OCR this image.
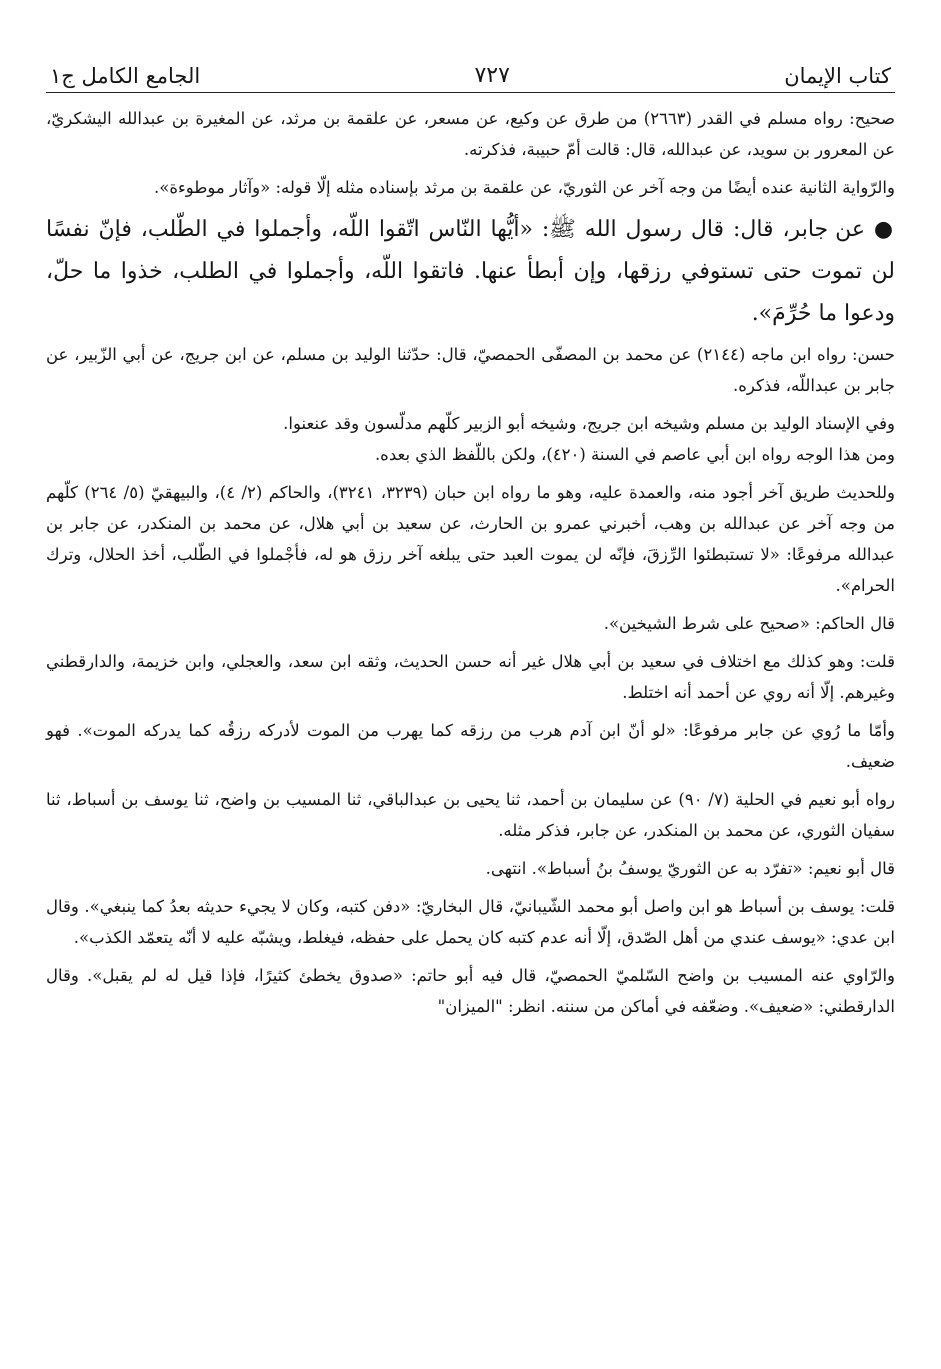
كتاب الإيمان
٧٢٧
الجامع الكامل ج١

صحيح: رواه مسلم في القدر (٢٦٦٣) من طرق عن وكيع، عن مسعر، عن علقمة بن مرثد، عن المغيرة بن عبدالله اليشكريّ، عن المعرور بن سويد، عن عبدالله، قال: قالت أمّ حبيبة، فذكرته.

والرّواية الثانية عنده أيضًا من وجه آخر عن الثوريّ، عن علقمة بن مرثد بإسناده مثله إلّا قوله: «وآثار موطوءة».

● عن جابر، قال: قال رسول الله ﷺ: «أيُّها النّاس اتّقوا اللّه، وأجملوا في الطّلب، فإنّ نفسًا لن تموت حتى تستوفي رزقها، وإن أبطأ عنها. فاتقوا اللّه، وأجملوا في الطلب، خذوا ما حلّ، ودعوا ما حُرِّمَ».

حسن: رواه ابن ماجه (٢١٤٤) عن محمد بن المصفّى الحمصيّ، قال: حدّثنا الوليد بن مسلم، عن ابن جريج، عن أبي الزّبير، عن جابر بن عبداللّه، فذكره.

وفي الإسناد الوليد بن مسلم وشيخه ابن جريج، وشيخه أبو الزبير كلّهم مدلّسون وقد عنعنوا.

ومن هذا الوجه رواه ابن أبي عاصم في السنة (٤٢٠)، ولكن باللّفظ الذي بعده.

وللحديث طريق آخر أجود منه، والعمدة عليه، وهو ما رواه ابن حبان (٣٢٣٩، ٣٢٤١)، والحاكم (٢/ ٤)، والبيهقيّ (٥/ ٢٦٤) كلّهم من وجه آخر عن عبدالله بن وهب، أخبرني عمرو بن الحارث، عن سعيد بن أبي هلال، عن محمد بن المنكدر، عن جابر بن عبدالله مرفوعًا: «لا تستبطئوا الرِّزقَ، فإنّه لن يموت العبد حتى يبلغه آخر رزق هو له، فأجْملوا في الطّلب، أخذ الحلال، وترك الحرام».

قال الحاكم: «صحيح على شرط الشيخين».

قلت: وهو كذلك مع اختلاف في سعيد بن أبي هلال غير أنه حسن الحديث، وثقه ابن سعد، والعجلي، وابن خزيمة، والدارقطني وغيرهم. إلّا أنه روي عن أحمد أنه اختلط.

وأمّا ما رُوي عن جابر مرفوعًا: «لو أنّ ابن آدم هرب من رزقه كما يهرب من الموت لأدركه رزقُه كما يدركه الموت». فهو ضعيف.

رواه أبو نعيم في الحلية (٧/ ٩٠) عن سليمان بن أحمد، ثنا يحيى بن عبدالباقي، ثنا المسيب بن واضح، ثنا يوسف بن أسباط، ثنا سفيان الثوري، عن محمد بن المنكدر، عن جابر، فذكر مثله.

قال أبو نعيم: «تفرّد به عن الثوريّ يوسفُ بنُ أسباط». انتهى.

قلت: يوسف بن أسباط هو ابن واصل أبو محمد الشّيبانيّ، قال البخاريّ: «دفن كتبه، وكان لا يجيء حديثه بعدُ كما ينبغي». وقال ابن عدي: «يوسف عندي من أهل الصّدق، إلّا أنه عدم كتبه كان يحمل على حفظه، فيغلط، ويشبّه عليه لا أنّه يتعمّد الكذب».

والرّاوي عنه المسيب بن واضح السّلميّ الحمصيّ، قال فيه أبو حاتم: «صدوق يخطئ كثيرًا، فإذا قيل له لم يقبل». وقال الدارقطني: «ضعيف». وضعّفه في أماكن من سننه. انظر: "الميزان"
